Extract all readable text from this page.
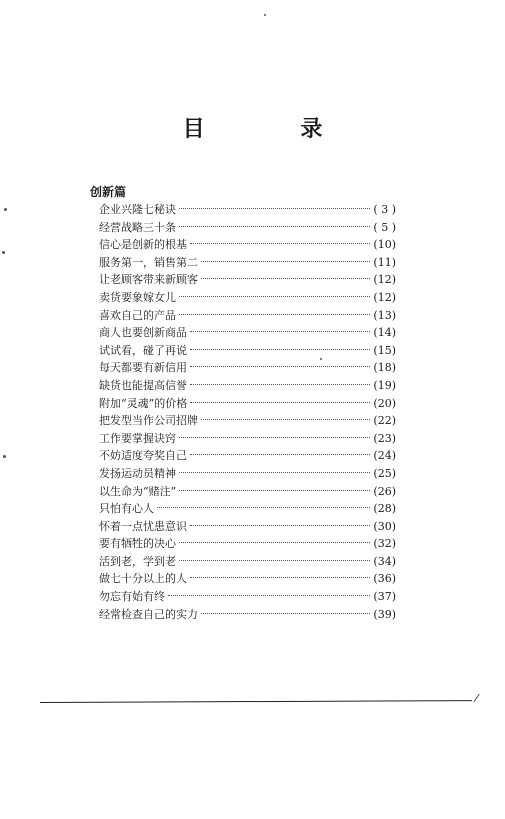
目 录
创新篇
企业兴隆七秘诀	( 3 )
经营战略三十条	( 5 )
信心是创新的根基	(10)
服务第一，销售第二	(11)
让老顾客带来新顾客	(12)
卖货要象嫁女儿	(12)
喜欢自己的产品	(13)
商人也要创新商品	(14)
试试看，碰了再说	(15)
每天都要有新信用	(18)
缺货也能提高信誉	(19)
附加“灵魂”的价格	(20)
把发型当作公司招牌	(22)
工作要掌握诀窍	(23)
不妨适度夸奖自己	(24)
发扬运动员精神	(25)
以生命为“赌注”	(26)
只怕有心人	(28)
怀着一点忧患意识	(30)
要有牺牲的决心	(32)
活到老，学到老	(34)
做七十分以上的人	(36)
勿忘有始有终	(37)
经常检查自己的实力	(39)
